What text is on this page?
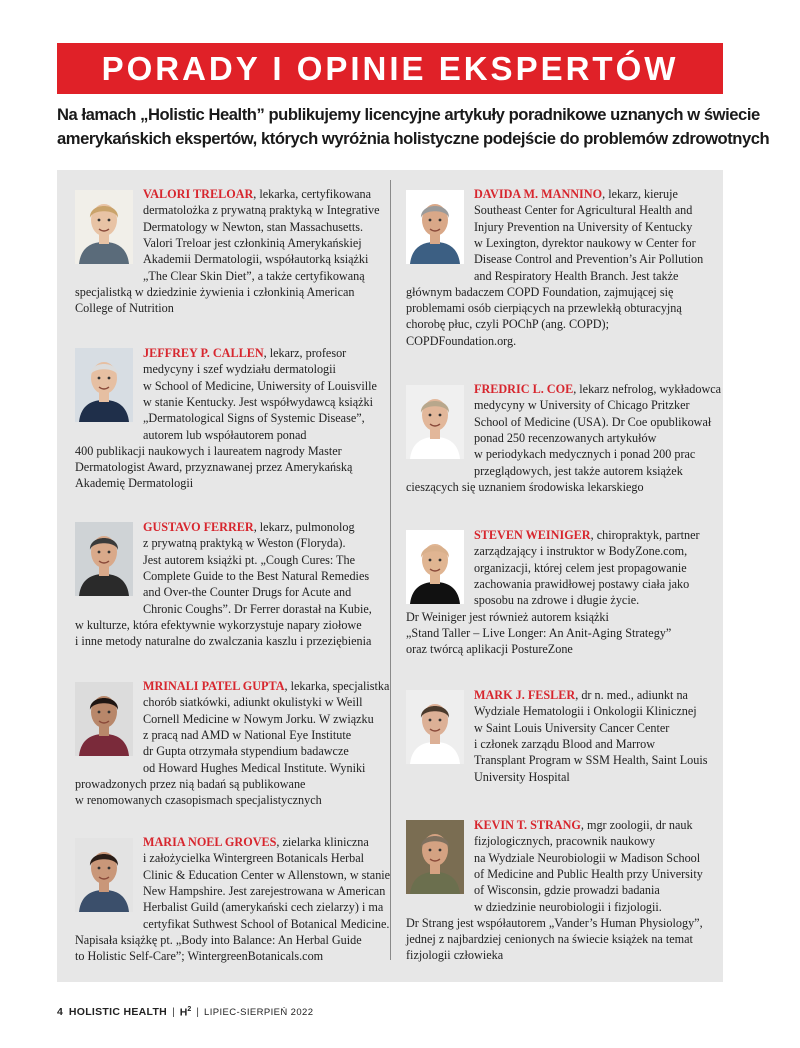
PORADY I OPINIE EKSPERTÓW
Na łamach „Holistic Health” publikujemy licencyjne artykuły poradnikowe uznanych w świecie
amerykańskich ekspertów, których wyróżnia holistyczne podejście do problemów zdrowotnych
VALORI TRELOAR, lekarka, certyfikowana
dermatolożka z prywatną praktyką w Integrative
Dermatology w Newton, stan Massachusetts.
Valori Treloar jest członkinią Amerykańskiej
Akademii Dermatologii, współautorką książki
„The Clear Skin Diet”, a także certyfikowaną
specjalistką w dziedzinie żywienia i członkinią American
College of Nutrition
JEFFREY P. CALLEN, lekarz, profesor
medycyny i szef wydziału dermatologii
w School of Medicine, Uniwersity of Louisville
w stanie Kentucky. Jest współwydawcą książki
„Dermatological Signs of Systemic Disease”,
autorem lub współautorem ponad
400 publikacji naukowych i laureatem nagrody Master
Dermatologist Award, przyznawanej przez Amerykańską
Akademię Dermatologii
GUSTAVO FERRER, lekarz, pulmonolog
z prywatną praktyką w Weston (Floryda).
Jest autorem książki pt. „Cough Cures: The
Complete Guide to the Best Natural Remedies
and Over-the Counter Drugs for Acute and
Chronic Coughs”. Dr Ferrer dorastał na Kubie,
w kulturze, która efektywnie wykorzystuje napary ziołowe
i inne metody naturalne do zwalczania kaszlu i przeziębienia
MRINALI PATEL GUPTA, lekarka, specjalistka
chorób siatkówki, adiunkt okulistyki w Weill
Cornell Medicine w Nowym Jorku. W związku
z pracą nad AMD w National Eye Institute
dr Gupta otrzymała stypendium badawcze
od Howard Hughes Medical Institute. Wyniki
prowadzonych przez nią badań są publikowane
w renomowanych czasopismach specjalistycznych
MARIA NOEL GROVES, zielarka kliniczna
i założycielka Wintergreen Botanicals Herbal
Clinic & Education Center w Allenstown, w stanie
New Hampshire. Jest zarejestrowana w American
Herbalist Guild (amerykański cech zielarzy) i ma
certyfikat Suthwest School of Botanical Medicine.
Napisała książkę pt. „Body into Balance: An Herbal Guide
to Holistic Self-Care”; WintergreenBotanicals.com
DAVIDA M. MANNINO, lekarz, kieruje
Southeast Center for Agricultural Health and
Injury Prevention na University of Kentucky
w Lexington, dyrektor naukowy w Center for
Disease Control and Prevention’s Air Pollution
and Respiratory Health Branch. Jest także
głównym badaczem COPD Foundation, zajmującej się
problemami osób cierpiących na przewlekłą obturacyjną
chorobę płuc, czyli POChP (ang. COPD);
COPDFoundation.org.
FREDRIC L. COE, lekarz nefrolog, wykładowca
medycyny w University of Chicago Pritzker
School of Medicine (USA). Dr Coe opublikował
ponad 250 recenzowanych artykułów
w periodykach medycznych i ponad 200 prac
przeglądowych, jest także autorem książek
cieszących się uznaniem środowiska lekarskiego
STEVEN WEINIGER, chiropraktyk, partner
zarządzający i instruktor w BodyZone.com,
organizacji, której celem jest propagowanie
zachowania prawidłowej postawy ciała jako
sposobu na zdrowe i długie życie.
Dr Weiniger jest również autorem książki
„Stand Taller – Live Longer: An Anit-Aging Strategy”
oraz twórcą aplikacji PostureZone
MARK J. FESLER, dr n. med., adiunkt na
Wydziale Hematologii i Onkologii Klinicznej
w Saint Louis University Cancer Center
i członek zarządu Blood and Marrow
Transplant Program w SSM Health, Saint Louis
University Hospital
KEVIN T. STRANG, mgr zoologii, dr nauk
fizjologicznych, pracownik naukowy
na Wydziale Neurobiologii w Madison School
of Medicine and Public Health przy University
of Wisconsin, gdzie prowadzi badania
w dziedzinie neurobiologii i fizjologii.
Dr Strang jest współautorem „Vander’s Human Physiology”,
jednej z najbardziej cenionych na świecie książek na temat
fizjologii człowieka
4 HOLISTIC HEALTH | $H^2$ | LIPIEC-SIERPIEŃ 2022
